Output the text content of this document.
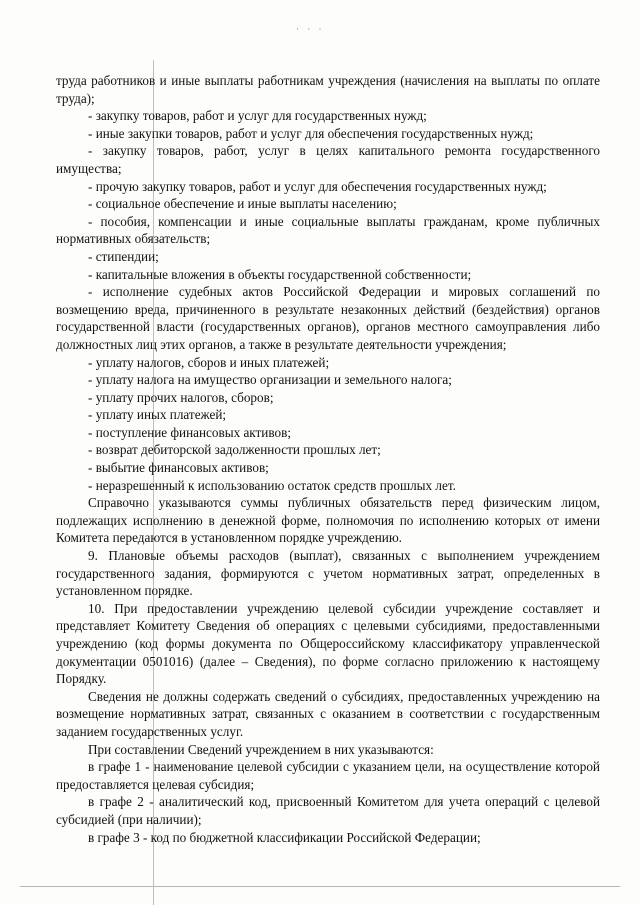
· · ·

труда работников и иные выплаты работникам учреждения (начисления на выплаты по оплате труда);

- закупку товаров, работ и услуг для государственных нужд;

- иные закупки товаров, работ и услуг для обеспечения государственных нужд;

- закупку товаров, работ, услуг в целях капитального ремонта государственного имущества;

- прочую закупку товаров, работ и услуг для обеспечения государственных нужд;

- социальное обеспечение и иные выплаты населению;

- пособия, компенсации и иные социальные выплаты гражданам, кроме публичных нормативных обязательств;

- стипендии;

- капитальные вложения в объекты государственной собственности;

- исполнение судебных актов Российской Федерации и мировых соглашений по возмещению вреда, причиненного в результате незаконных действий (бездействия) органов государственной власти (государственных органов), органов местного самоуправления либо должностных лиц этих органов, а также в результате деятельности учреждения;

- уплату налогов, сборов и иных платежей;

- уплату налога на имущество организации и земельного налога;

- уплату прочих налогов, сборов;

- уплату иных платежей;

- поступление финансовых активов;

- возврат дебиторской задолженности прошлых лет;

- выбытие финансовых активов;

- неразрешенный к использованию остаток средств прошлых лет.

Справочно указываются суммы публичных обязательств перед физическим лицом, подлежащих исполнению в денежной форме, полномочия по исполнению которых от имени Комитета передаются в установленном порядке учреждению.

9. Плановые объемы расходов (выплат), связанных с выполнением учреждением государственного задания, формируются с учетом нормативных затрат, определенных в установленном порядке.

10. При предоставлении учреждению целевой субсидии учреждение составляет и представляет Комитету Сведения об операциях с целевыми субсидиями, предоставленными учреждению (код формы документа по Общероссийскому классификатору управленческой документации 0501016) (далее – Сведения), по форме согласно приложению к настоящему Порядку.

Сведения не должны содержать сведений о субсидиях, предоставленных учреждению на возмещение нормативных затрат, связанных с оказанием в соответствии с государственным заданием государственных услуг.

При составлении Сведений учреждением в них указываются:

в графе 1 - наименование целевой субсидии с указанием цели, на осуществление которой предоставляется целевая субсидия;

в графе 2 - аналитический код, присвоенный Комитетом для учета операций с целевой субсидией (при наличии);

в графе 3 - код по бюджетной классификации Российской Федерации;
